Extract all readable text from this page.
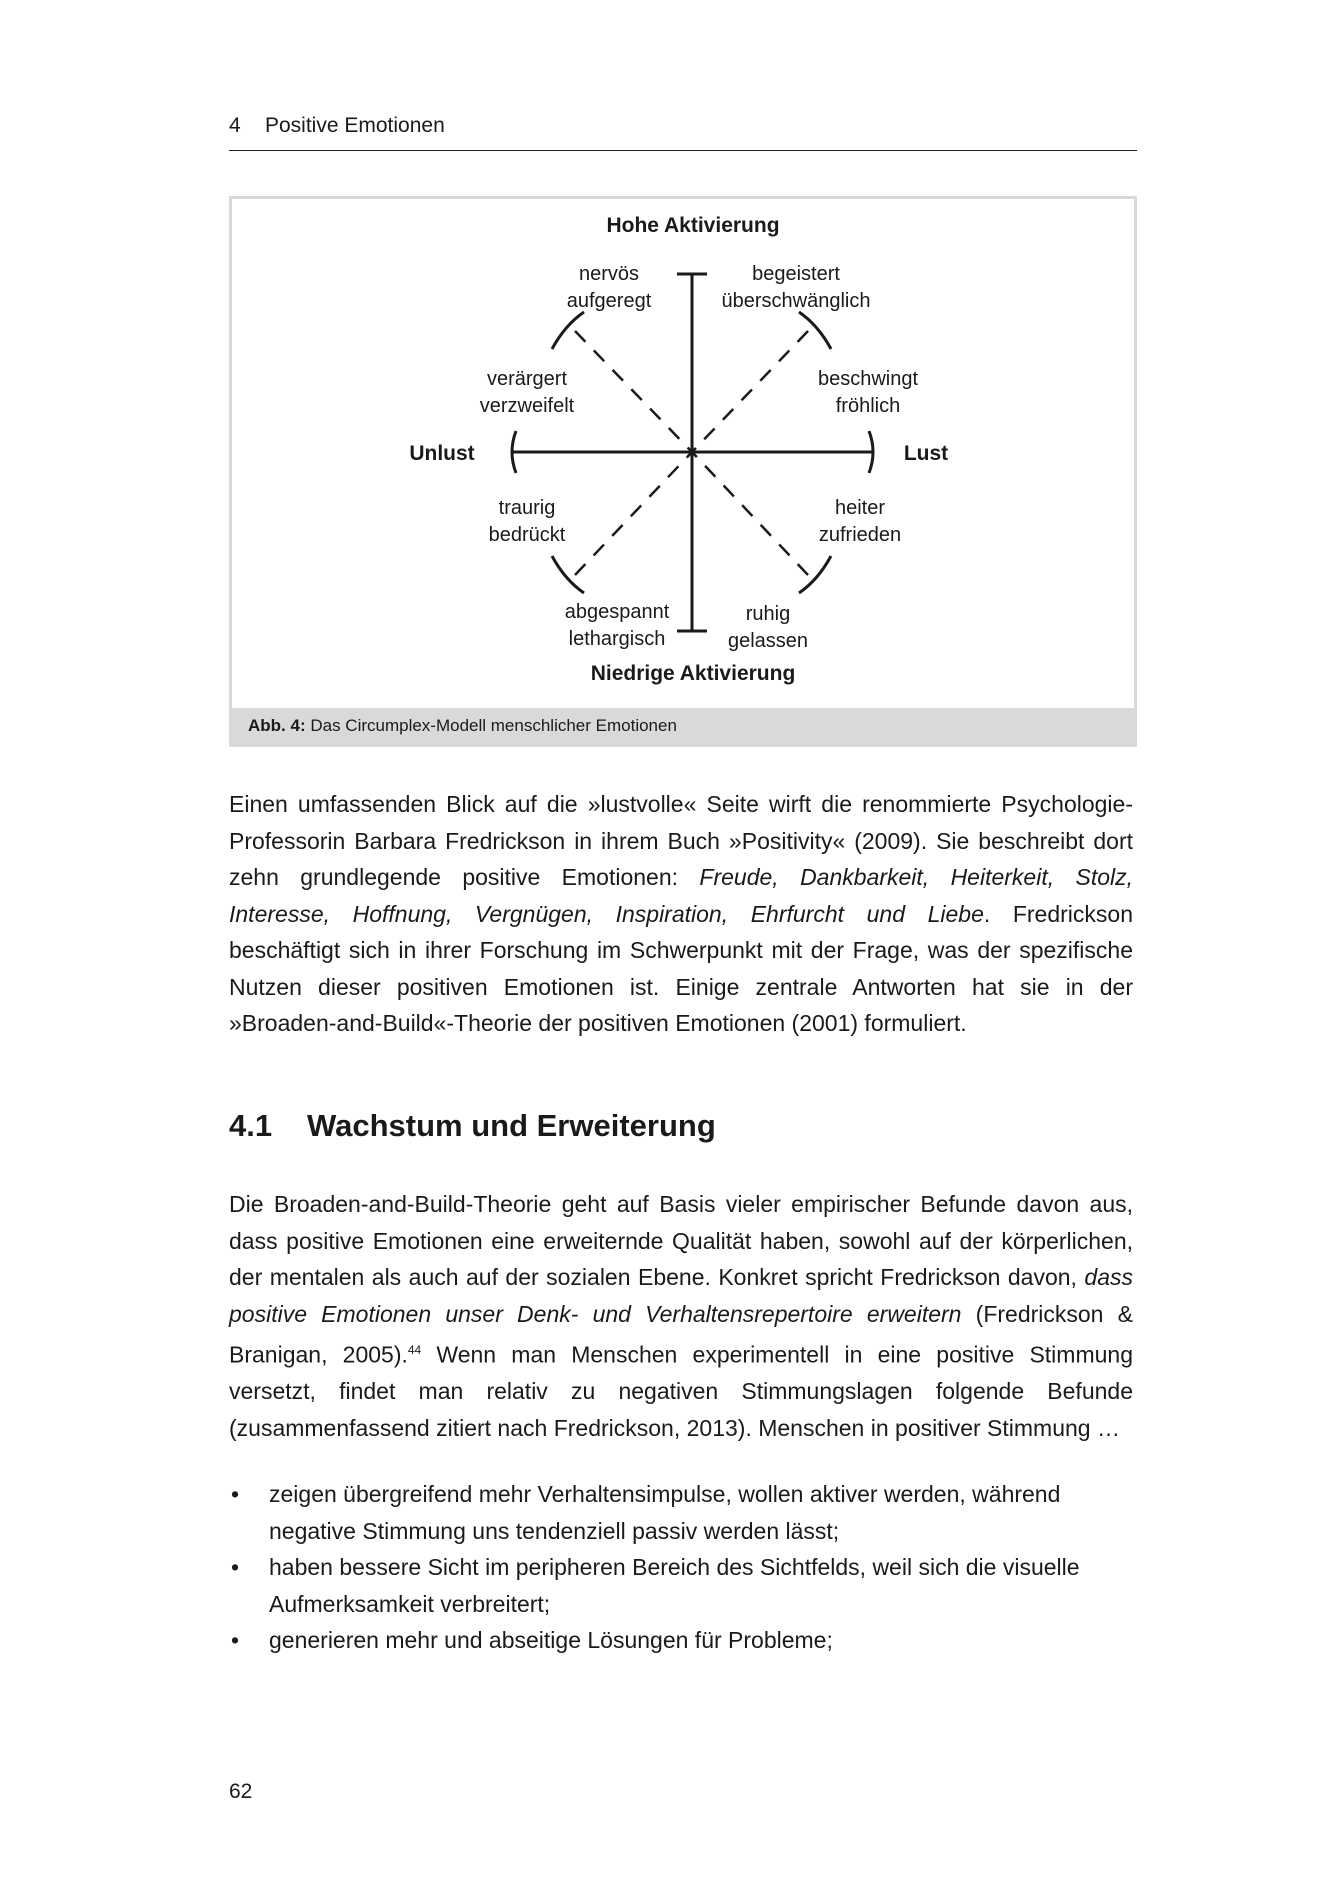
4 Positive Emotionen
Hohe Aktivierung
Niedrige Aktivierung
Unlust	Lust
nervös
aufgeregt
begeistert
überschwänglich
verärgert
verzweifelt
beschwingt
fröhlich
traurig
bedrückt
heiter
zufrieden
abgespannt
lethargisch
ruhig
gelassen
Abb. 4: Das Circumplex-Modell menschlicher Emotionen

Einen umfassenden Blick auf die »lustvolle« Seite wirft die renommierte Psychologie-Professorin Barbara Fredrickson in ihrem Buch »Positivity« (2009). Sie beschreibt dort zehn grundlegende positive Emotionen: Freude, Dankbarkeit, Heiterkeit, Stolz, Interesse, Hoffnung, Vergnügen, Inspiration, Ehrfurcht und Liebe. Fredrickson beschäftigt sich in ihrer Forschung im Schwerpunkt mit der Frage, was der spezifische Nutzen dieser positiven Emotionen ist. Einige zentrale Antworten hat sie in der »Broaden-and-Build«-Theorie der positiven Emotionen (2001) formuliert.

4.1 Wachstum und Erweiterung

Die Broaden-and-Build-Theorie geht auf Basis vieler empirischer Befunde davon aus, dass positive Emotionen eine erweiternde Qualität haben, sowohl auf der körperlichen, der mentalen als auch auf der sozialen Ebene. Konkret spricht Fredrickson davon, dass positive Emotionen unser Denk- und Verhaltensrepertoire erweitern (Fredrickson & Branigan, 2005).$^{44}$ Wenn man Menschen experimentell in eine positive Stimmung versetzt, findet man relativ zu negativen Stimmungslagen folgende Befunde (zusammenfassend zitiert nach Fredrickson, 2013). Menschen in positiver Stimmung …

• zeigen übergreifend mehr Verhaltensimpulse, wollen aktiver werden, während negative Stimmung uns tendenziell passiv werden lässt;
• haben bessere Sicht im peripheren Bereich des Sichtfelds, weil sich die visuelle Aufmerksamkeit verbreitert;
• generieren mehr und abseitige Lösungen für Probleme;
62
